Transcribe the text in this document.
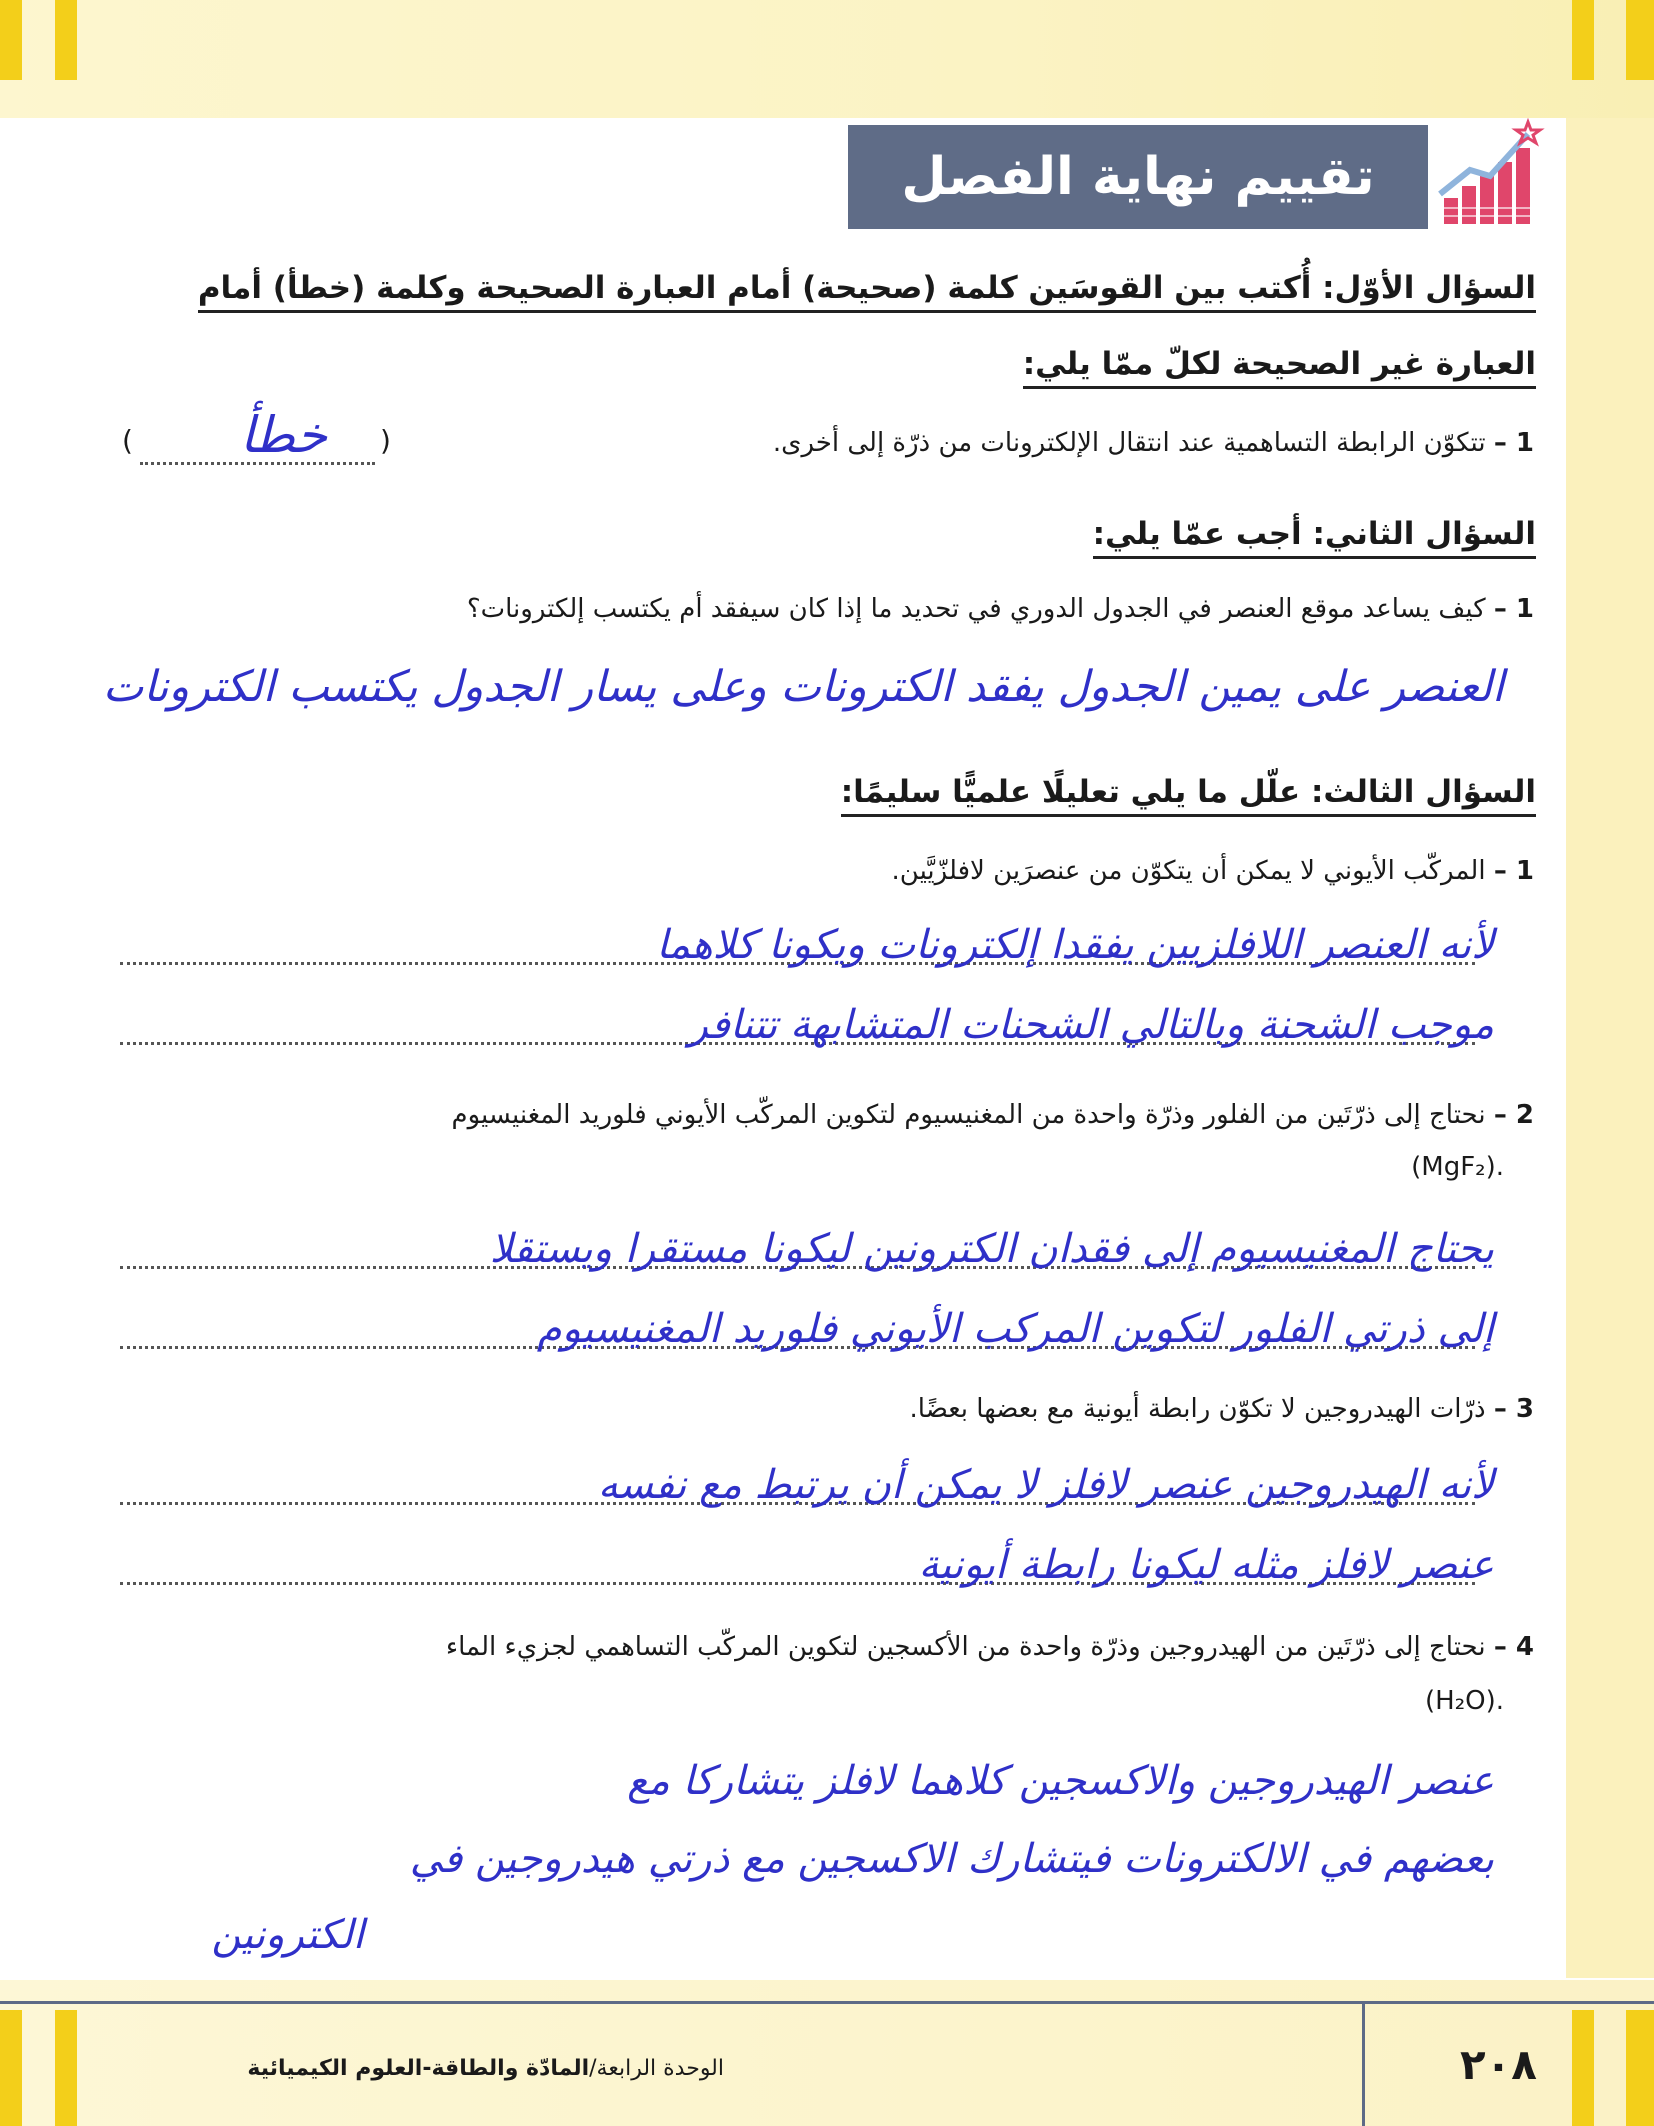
تقييم نهاية الفصل
السؤال الأوّل: أُكتب بين القوسَين كلمة (صحيحة) أمام العبارة الصحيحة وكلمة (خطأ) أمام
العبارة غير الصحيحة لكلّ ممّا يلي:
1 – تتكوّن الرابطة التساهمية عند انتقال الإلكترونات من ذرّة إلى أخرى.
(
) خطأ
السؤال الثاني: أجب عمّا يلي:
1 – كيف يساعد موقع العنصر في الجدول الدوري في تحديد ما إذا كان سيفقد أم يكتسب إلكترونات؟
العنصر على يمين الجدول يفقد الكترونات وعلى يسار الجدول يكتسب الكترونات
السؤال الثالث: علّل ما يلي تعليلًا علميًّا سليمًا:
1 – المركّب الأيوني لا يمكن أن يتكوّن من عنصرَين لافلزّيَّين.
لأنه العنصر اللافلزيين يفقدا إلكترونات ويكونا كلاهما
موجب الشحنة وبالتالي الشحنات المتشابهة تتنافر
2 – نحتاج إلى ذرّتَين من الفلور وذرّة واحدة من المغنيسيوم لتكوين المركّب الأيوني فلوريد المغنيسيوم
(MgF₂).
يحتاج المغنيسيوم إلى فقدان الكترونين ليكونا مستقرا ويستقلا
إلى ذرتي الفلور لتكوين المركب الأيوني فلوريد المغنيسيوم
3 – ذرّات الهيدروجين لا تكوّن رابطة أيونية مع بعضها بعضًا.
لأنه الهيدروجين عنصر لافلز لا يمكن أن يرتبط مع نفسه
عنصر لافلز مثله ليكونا رابطة أيونية
4 – نحتاج إلى ذرّتَين من الهيدروجين وذرّة واحدة من الأكسجين لتكوين المركّب التساهمي لجزيء الماء
(H₂O).
عنصر الهيدروجين والاكسجين كلاهما لافلز يتشاركا مع
بعضهم في الالكترونات فيتشارك الاكسجين مع ذرتي هيدروجين في
الكترونين
الوحدة الرابعة/المادّة والطاقة-العلوم الكيميائية	٢٠٨
